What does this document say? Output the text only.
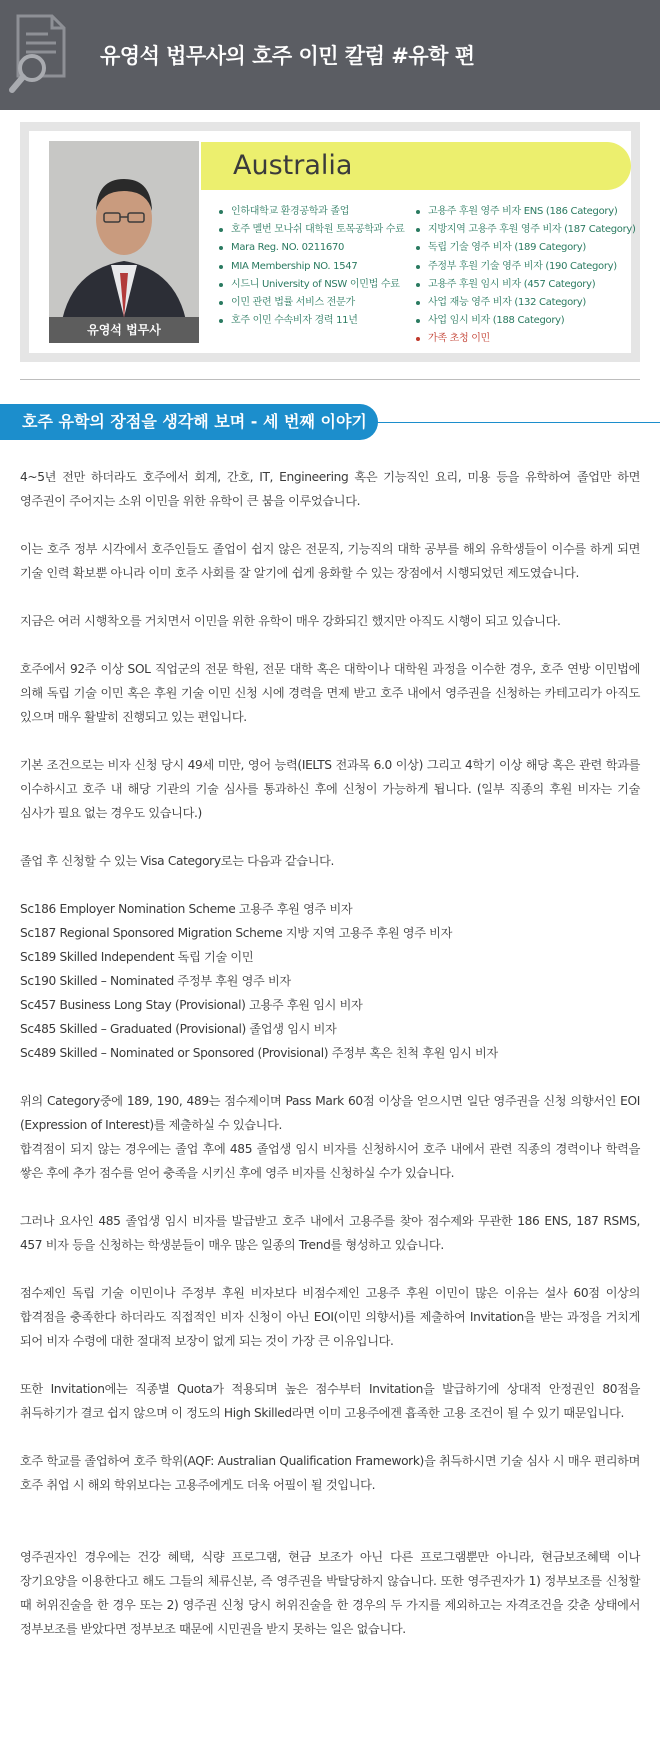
유영석 법무사의 호주 이민 칼럼 #유학 편
유영석 법무사
Australia
인하대학교 환경공학과 졸업
호주 멜번 모나쉬 대학원 토목공학과 수료
Mara Reg. NO. 0211670
MIA Membership NO. 1547
시드니 University of NSW 이민법 수료
이민 관련 법률 서비스 전문가
호주 이민 수속비자 경력 11년
고용주 후원 영주 비자 ENS (186 Category)
지방지역 고용주 후원 영주 비자 (187 Category)
독립 기술 영주 비자 (189 Category)
주정부 후원 기술 영주 비자 (190 Category)
고용주 후원 임시 비자 (457 Category)
사업 재능 영주 비자 (132 Category)
사업 임시 비자 (188 Category)
가족 초청 이민
호주 유학의 장점을 생각해 보며 - 세 번째 이야기

4~5년 전만 하더라도 호주에서 회계, 간호, IT, Engineering 혹은 기능직인 요리, 미용 등을 유학하여 졸업만 하면 영주권이 주어지는 소위 이민을 위한 유학이 큰 붐을 이루었습니다.

이는 호주 정부 시각에서 호주인들도 졸업이 쉽지 않은 전문직, 기능직의 대학 공부를 해외 유학생들이 이수를 하게 되면 기술 인력 확보뿐 아니라 이미 호주 사회를 잘 알기에 쉽게 융화할 수 있는 장점에서 시행되었던 제도였습니다.

지금은 여러 시행착오를 거치면서 이민을 위한 유학이 매우 강화되긴 했지만 아직도 시행이 되고 있습니다.

호주에서 92주 이상 SOL 직업군의 전문 학원, 전문 대학 혹은 대학이나 대학원 과정을 이수한 경우, 호주 연방 이민법에 의해 독립 기술 이민 혹은 후원 기술 이민 신청 시에 경력을 면제 받고 호주 내에서 영주권을 신청하는 카테고리가 아직도 있으며 매우 활발히 진행되고 있는 편입니다.

기본 조건으로는 비자 신청 당시 49세 미만, 영어 능력(IELTS 전과목 6.0 이상) 그리고 4학기 이상 해당 혹은 관련 학과를 이수하시고 호주 내 해당 기관의 기술 심사를 통과하신 후에 신청이 가능하게 됩니다. (일부 직종의 후원 비자는 기술 심사가 필요 없는 경우도 있습니다.)

졸업 후 신청할 수 있는 Visa Category로는 다음과 같습니다.

Sc186 Employer Nomination Scheme 고용주 후원 영주 비자
Sc187 Regional Sponsored Migration Scheme 지방 지역 고용주 후원 영주 비자
Sc189 Skilled Independent 독립 기술 이민
Sc190 Skilled – Nominated 주정부 후원 영주 비자
Sc457 Business Long Stay (Provisional) 고용주 후원 임시 비자
Sc485 Skilled – Graduated (Provisional) 졸업생 임시 비자
Sc489 Skilled – Nominated or Sponsored (Provisional) 주정부 혹은 친척 후원 임시 비자

위의 Category중에 189, 190, 489는 점수제이며 Pass Mark 60점 이상을 얻으시면 일단 영주권을 신청 의향서인 EOI (Expression of Interest)를 제출하실 수 있습니다.

합격점이 되지 않는 경우에는 졸업 후에 485 졸업생 임시 비자를 신청하시어 호주 내에서 관련 직종의 경력이나 학력을 쌓은 후에 추가 점수를 얻어 충족을 시키신 후에 영주 비자를 신청하실 수가 있습니다.

그러나 요사인 485 졸업생 임시 비자를 발급받고 호주 내에서 고용주를 찾아 점수제와 무관한 186 ENS, 187 RSMS, 457 비자 등을 신청하는 학생분들이 매우 많은 일종의 Trend를 형성하고 있습니다.

점수제인 독립 기술 이민이나 주정부 후원 비자보다 비점수제인 고용주 후원 이민이 많은 이유는 설사 60점 이상의 합격점을 충족한다 하더라도 직접적인 비자 신청이 아닌 EOI(이민 의향서)를 제출하여 Invitation을 받는 과정을 거치게 되어 비자 수령에 대한 절대적 보장이 없게 되는 것이 가장 큰 이유입니다.

또한 Invitation에는 직종별 Quota가 적용되며 높은 점수부터 Invitation을 발급하기에 상대적 안정권인 80점을 취득하기가 결코 쉽지 않으며 이 정도의 High Skilled라면 이미 고용주에겐 흡족한 고용 조건이 될 수 있기 때문입니다.

호주 학교를 졸업하여 호주 학위(AQF: Australian Qualification Framework)을 취득하시면 기술 심사 시 매우 편리하며 호주 취업 시 해외 학위보다는 고용주에게도 더욱 어필이 될 것입니다.

영주권자인 경우에는 건강 혜택, 식량 프로그램, 현금 보조가 아닌 다른 프로그램뿐만 아니라, 현금보조혜택 이나 장기요양을 이용한다고 해도 그들의 체류신분, 즉 영주권을 박탈당하지 않습니다. 또한 영주권자가 1) 정부보조를 신청할 때 허위진술을 한 경우 또는 2) 영주권 신청 당시 허위진술을 한 경우의 두 가지를 제외하고는 자격조건을 갖춘 상태에서 정부보조를 받았다면 정부보조 때문에 시민권을 받지 못하는 일은 없습니다.
